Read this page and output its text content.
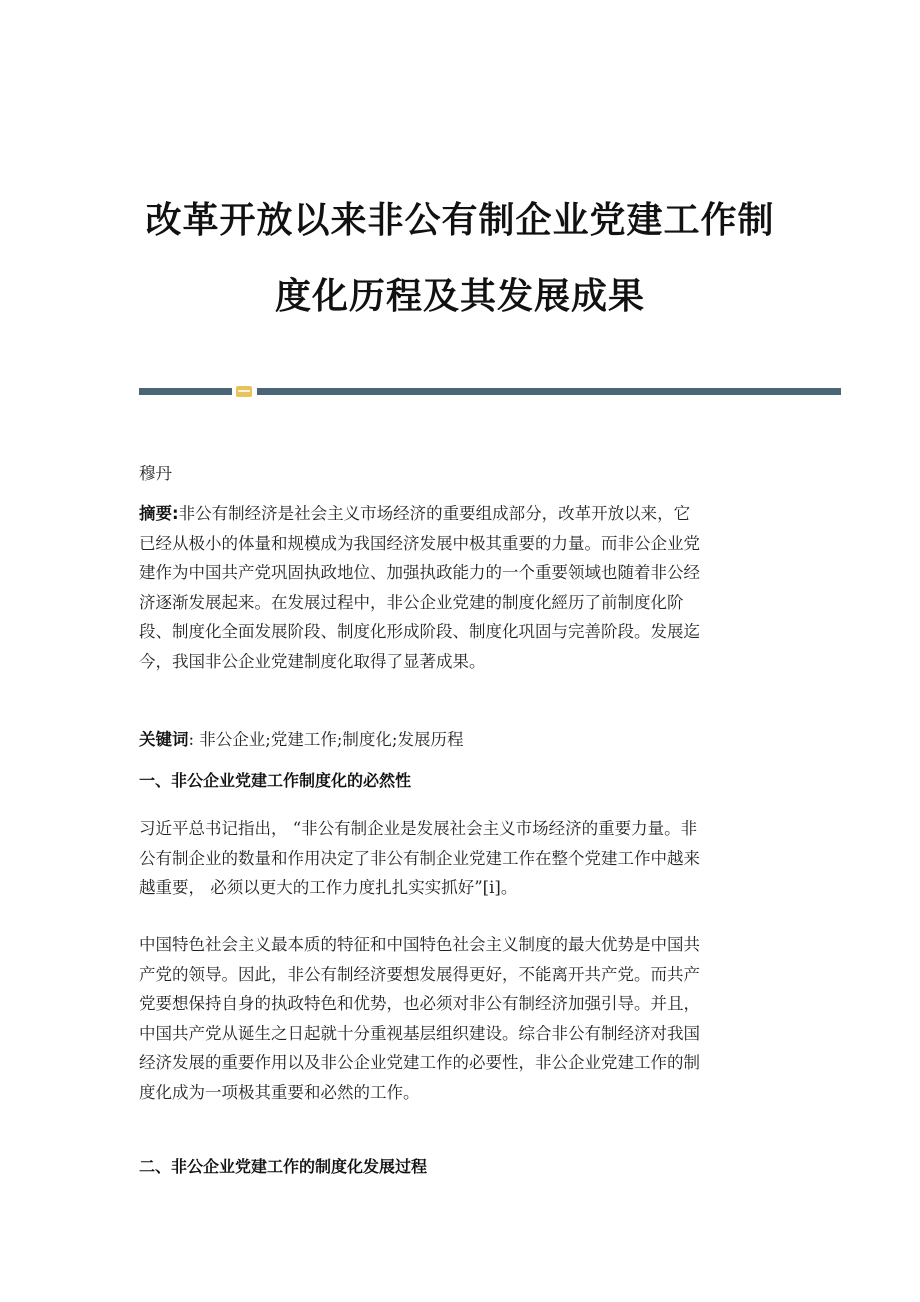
改革开放以来非公有制企业党建工作制
度化历程及其发展成果
穆丹
摘要:非公有制经济是社会主义市场经济的重要组成部分，改革开放以来，它
已经从极小的体量和规模成为我国经济发展中极其重要的力量。而非公企业党
建作为中国共产党巩固执政地位、加强执政能力的一个重要领域也随着非公经
济逐渐发展起来。在发展过程中，非公企业党建的制度化經历了前制度化阶
段、制度化全面发展阶段、制度化形成阶段、制度化巩固与完善阶段。发展迄
今，我国非公企业党建制度化取得了显著成果。
关键词: 非公企业;党建工作;制度化;发展历程
一、非公企业党建工作制度化的必然性
习近平总书记指出， “非公有制企业是发展社会主义市场经济的重要力量。非
公有制企业的数量和作用决定了非公有制企业党建工作在整个党建工作中越来
越重要， 必须以更大的工作力度扎扎实实抓好”[i]。
中国特色社会主义最本质的特征和中国特色社会主义制度的最大优势是中国共
产党的领导。因此，非公有制经济要想发展得更好，不能离开共产党。而共产
党要想保持自身的执政特色和优势，也必须对非公有制经济加强引导。并且，
中国共产党从诞生之日起就十分重视基层组织建设。综合非公有制经济对我国
经济发展的重要作用以及非公企业党建工作的必要性，非公企业党建工作的制
度化成为一项极其重要和必然的工作。
二、非公企业党建工作的制度化发展过程
